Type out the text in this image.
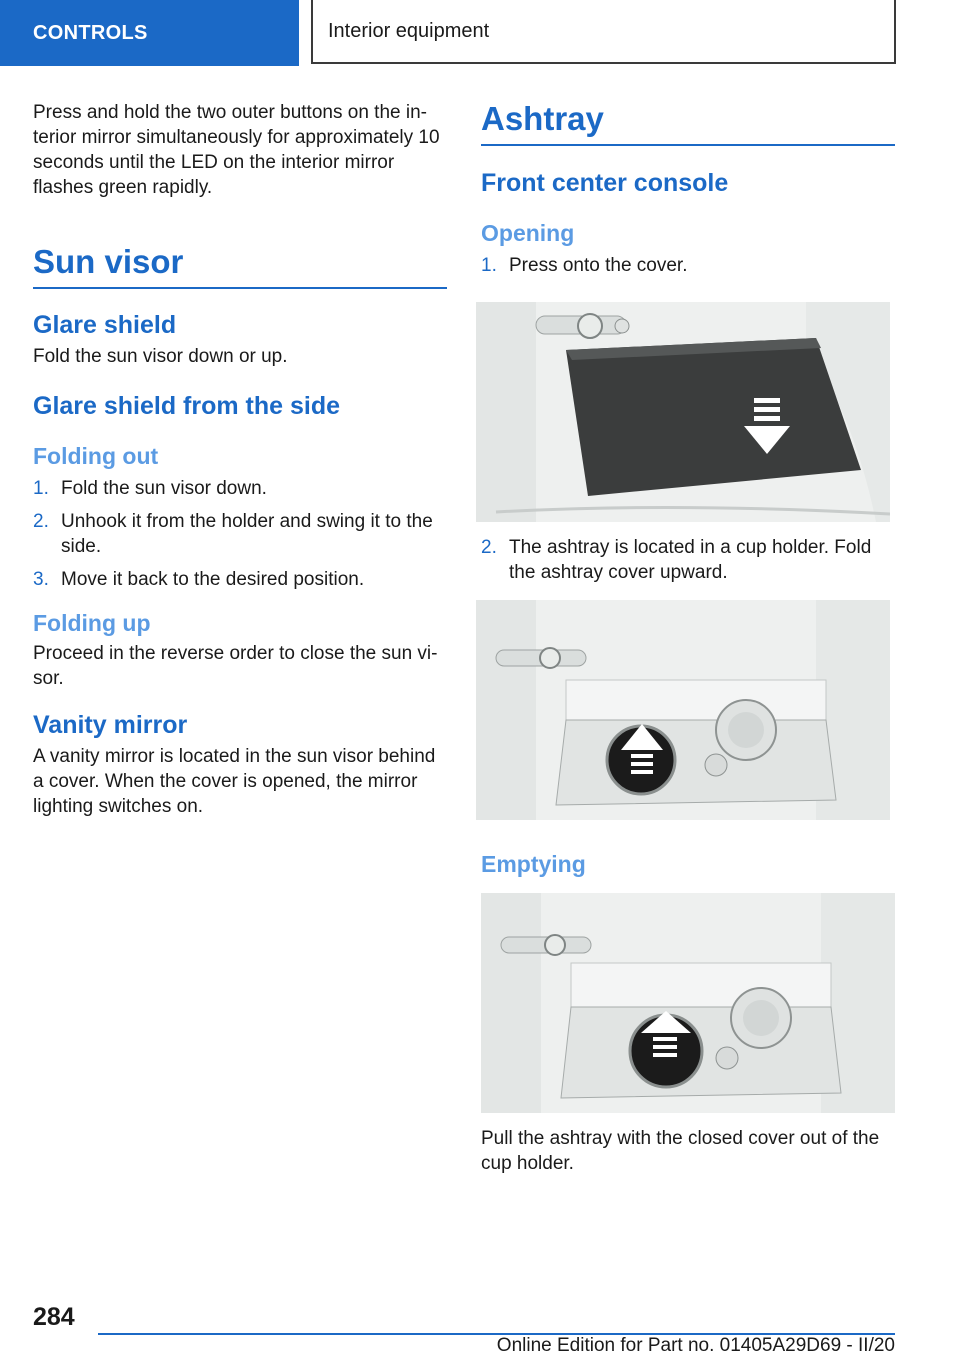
CONTROLS	Interior equipment

Press and hold the two outer buttons on the in-terior mirror simultaneously for approximately 10 seconds until the LED on the interior mirror flashes green rapidly.

Sun visor
Glare shield

Fold the sun visor down or up.

Glare shield from the side
Folding out
1. Fold the sun visor down.
2. Unhook it from the holder and swing it to the side.
3. Move it back to the desired position.
Folding up

Proceed in the reverse order to close the sun vi-sor.

Vanity mirror

A vanity mirror is located in the sun visor behind a cover. When the cover is opened, the mirror lighting switches on.

Ashtray
Front center console
Opening
1. Press onto the cover.
2. The ashtray is located in a cup holder. Fold the ashtray cover upward.
Emptying

Pull the ashtray with the closed cover out of the cup holder.

284
Online Edition for Part no. 01405A29D69 - II/20
